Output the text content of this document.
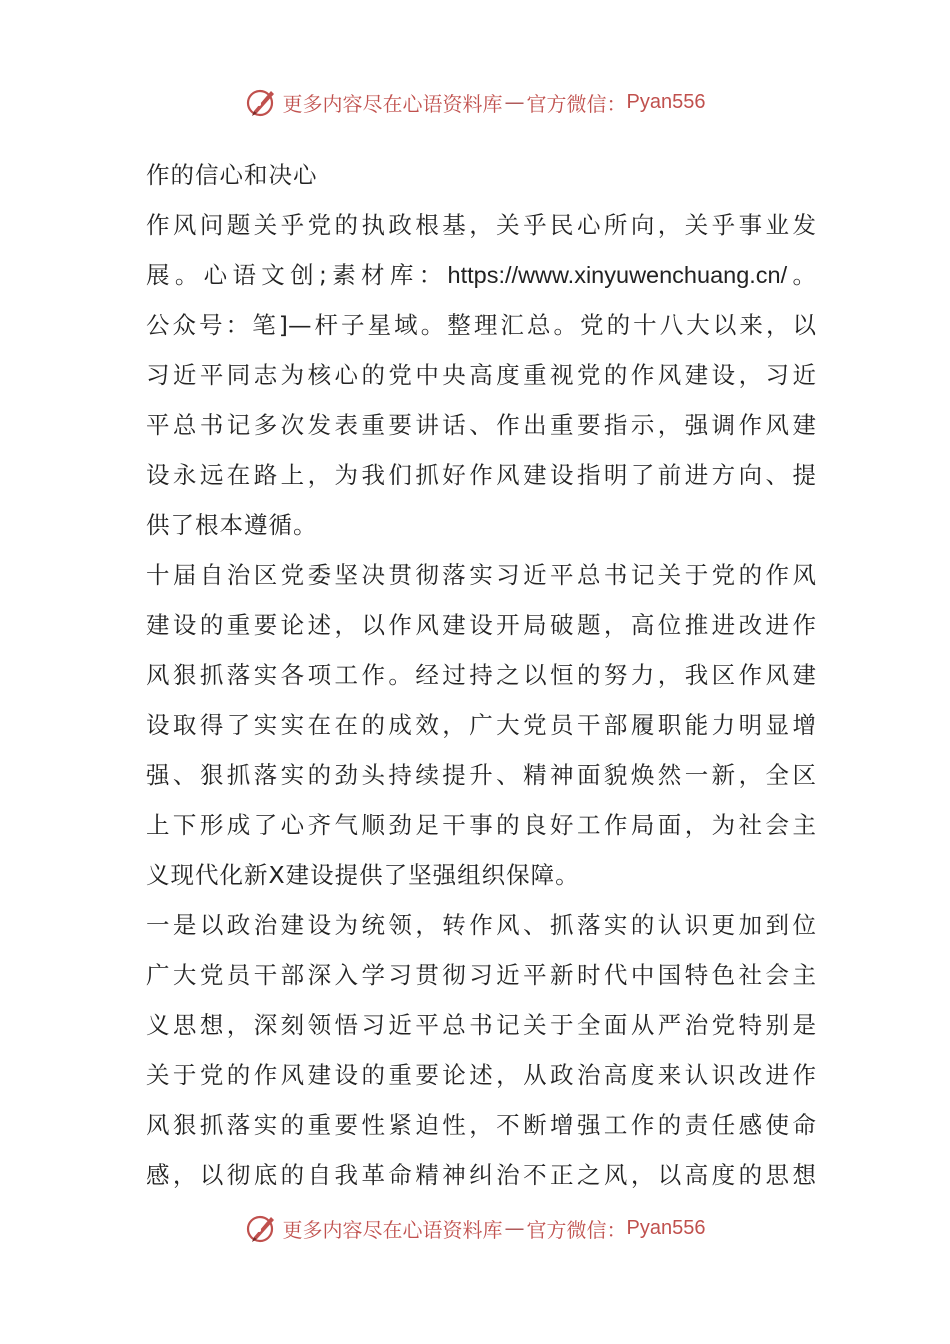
更多内容尽在心语资料库 — 官方微信： Pyan556
作的信心和决心
作风问题关乎党的执政根基，关乎民心所向，关乎事业发
展。心语文创;素材库：https://www.xinyuwenchuang.cn/。
公众号：笔]—杆子星域。整理汇总。党的十八大以来，以
习近平同志为核心的党中央高度重视党的作风建设，习近
平总书记多次发表重要讲话、作出重要指示，强调作风建
设永远在路上，为我们抓好作风建设指明了前进方向、提
供了根本遵循。
十届自治区党委坚决贯彻落实习近平总书记关于党的作风
建设的重要论述，以作风建设开局破题，高位推进改进作
风狠抓落实各项工作。经过持之以恒的努力，我区作风建
设取得了实实在在的成效，广大党员干部履职能力明显增
强、狠抓落实的劲头持续提升、精神面貌焕然一新，全区
上下形成了心齐气顺劲足干事的良好工作局面，为社会主
义现代化新X建设提供了坚强组织保障。
一是以政治建设为统领，转作风、抓落实的认识更加到位
广大党员干部深入学习贯彻习近平新时代中国特色社会主
义思想，深刻领悟习近平总书记关于全面从严治党特别是
关于党的作风建设的重要论述，从政治高度来认识改进作
风狠抓落实的重要性紧迫性，不断增强工作的责任感使命
感，以彻底的自我革命精神纠治不正之风，以高度的思想
更多内容尽在心语资料库 — 官方微信： Pyan556
